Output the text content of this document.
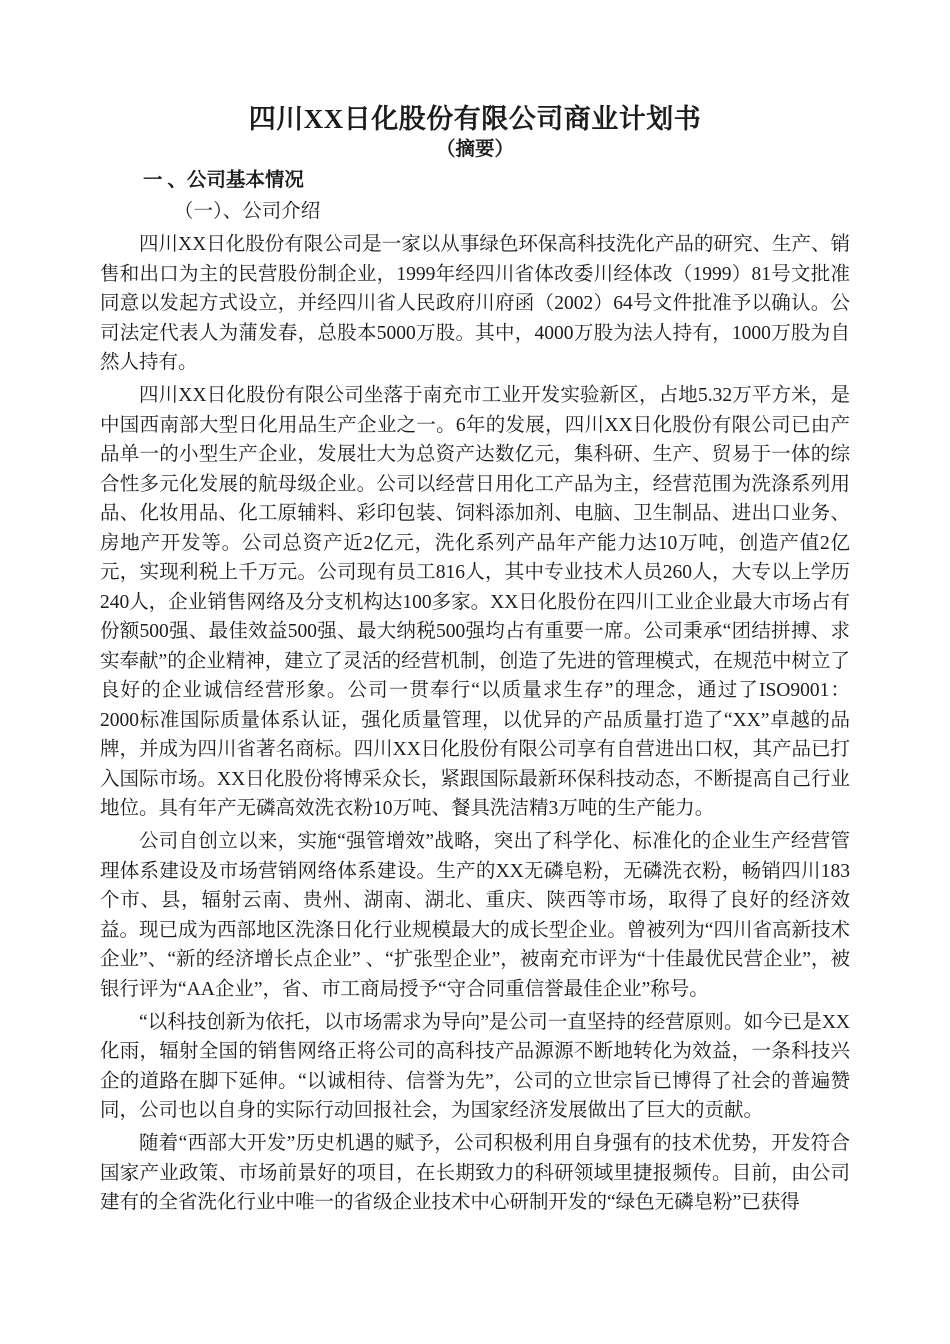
四川XX日化股份有限公司商业计划书
（摘要）
一 、公司基本情况
（一）、公司介绍

四川XX日化股份有限公司是一家以从事绿色环保高科技洗化产品的研究、生产、销售和出口为主的民营股份制企业，1999年经四川省体改委川经体改（1999）81号文批准同意以发起方式设立，并经四川省人民政府川府函（2002）64号文件批准予以确认。公司法定代表人为蒲发春，总股本5000万股。其中，4000万股为法人持有，1000万股为自然人持有。

四川XX日化股份有限公司坐落于南充市工业开发实验新区，占地5.32万平方米，是中国西南部大型日化用品生产企业之一。6年的发展，四川XX日化股份有限公司已由产品单一的小型生产企业，发展壮大为总资产达数亿元，集科研、生产、贸易于一体的综合性多元化发展的航母级企业。公司以经营日用化工产品为主，经营范围为洗涤系列用品、化妆用品、化工原辅料、彩印包装、饲料添加剂、电脑、卫生制品、进出口业务、房地产开发等。公司总资产近2亿元，洗化系列产品年产能力达10万吨，创造产值2亿元，实现利税上千万元。公司现有员工816人，其中专业技术人员260人，大专以上学历240人，企业销售网络及分支机构达100多家。XX日化股份在四川工业企业最大市场占有份额500强、最佳效益500强、最大纳税500强均占有重要一席。公司秉承“团结拼搏、求实奉献”的企业精神，建立了灵活的经营机制，创造了先进的管理模式，在规范中树立了良好的企业诚信经营形象。公司一贯奉行“以质量求生存”的理念，通过了ISO9001：2000标准国际质量体系认证，强化质量管理，以优异的产品质量打造了“XX”卓越的品牌，并成为四川省著名商标。四川XX日化股份有限公司享有自营进出口权，其产品已打入国际市场。XX日化股份将博采众长，紧跟国际最新环保科技动态，不断提高自己行业地位。具有年产无磷高效洗衣粉10万吨、餐具洗洁精3万吨的生产能力。

公司自创立以来，实施“强管增效”战略，突出了科学化、标准化的企业生产经营管理体系建设及市场营销网络体系建设。生产的XX无磷皂粉，无磷洗衣粉，畅销四川183个市、县，辐射云南、贵州、湖南、湖北、重庆、陕西等市场，取得了良好的经济效益。现已成为西部地区洗涤日化行业规模最大的成长型企业。曾被列为“四川省高新技术企业”、“新的经济增长点企业” 、“扩张型企业”，被南充市评为“十佳最优民营企业”，被银行评为“AA企业”，省、市工商局授予“守合同重信誉最佳企业”称号。

“以科技创新为依托，以市场需求为导向”是公司一直坚持的经营原则。如今已是XX化雨，辐射全国的销售网络正将公司的高科技产品源源不断地转化为效益，一条科技兴企的道路在脚下延伸。“以诚相待、信誉为先”，公司的立世宗旨已博得了社会的普遍赞同，公司也以自身的实际行动回报社会，为国家经济发展做出了巨大的贡献。

随着“西部大开发”历史机遇的赋予，公司积极利用自身强有的技术优势，开发符合国家产业政策、市场前景好的项目，在长期致力的科研领域里捷报频传。目前，由公司建有的全省洗化行业中唯一的省级企业技术中心研制开发的“绿色无磷皂粉”已获得
